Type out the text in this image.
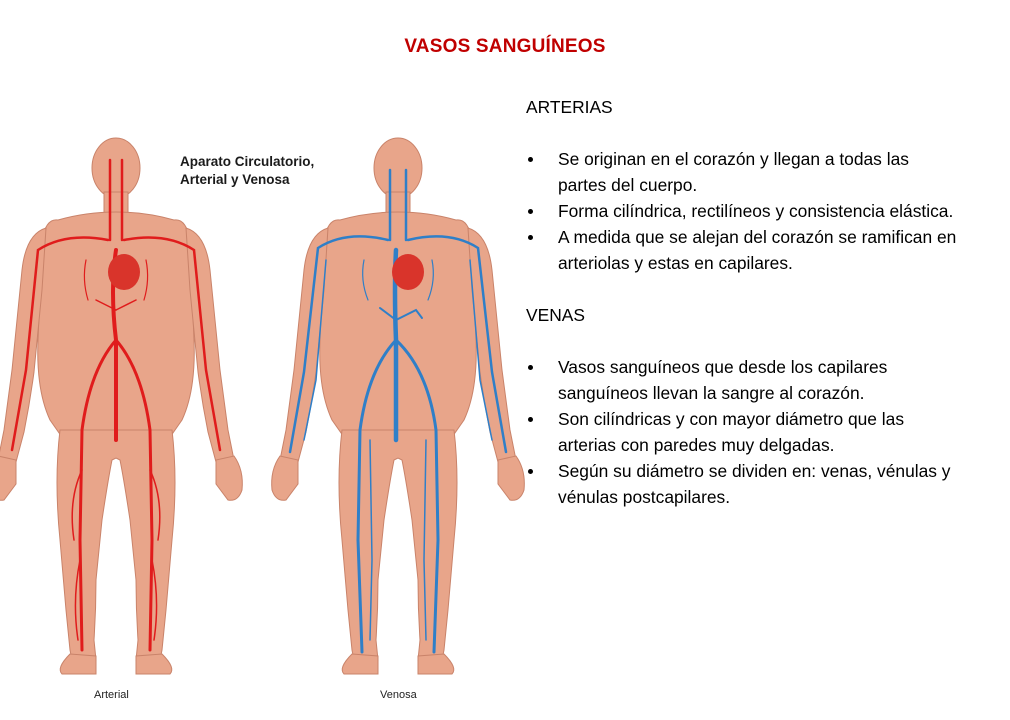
VASOS SANGUÍNEOS
Aparato Circulatorio,
Arterial y Venosa
Arterial	Venosa
ARTERIAS
Se originan en el corazón y llegan a todas las partes del cuerpo.
Forma cilíndrica, rectilíneos y consistencia elástica.
A medida que se alejan del corazón se ramifican en arteriolas y estas en capilares.
VENAS
Vasos sanguíneos que desde los capilares sanguíneos llevan la sangre al corazón.
Son cilíndricas y con mayor diámetro que las arterias con paredes muy delgadas.
Según su diámetro se dividen en: venas, vénulas y vénulas postcapilares.
